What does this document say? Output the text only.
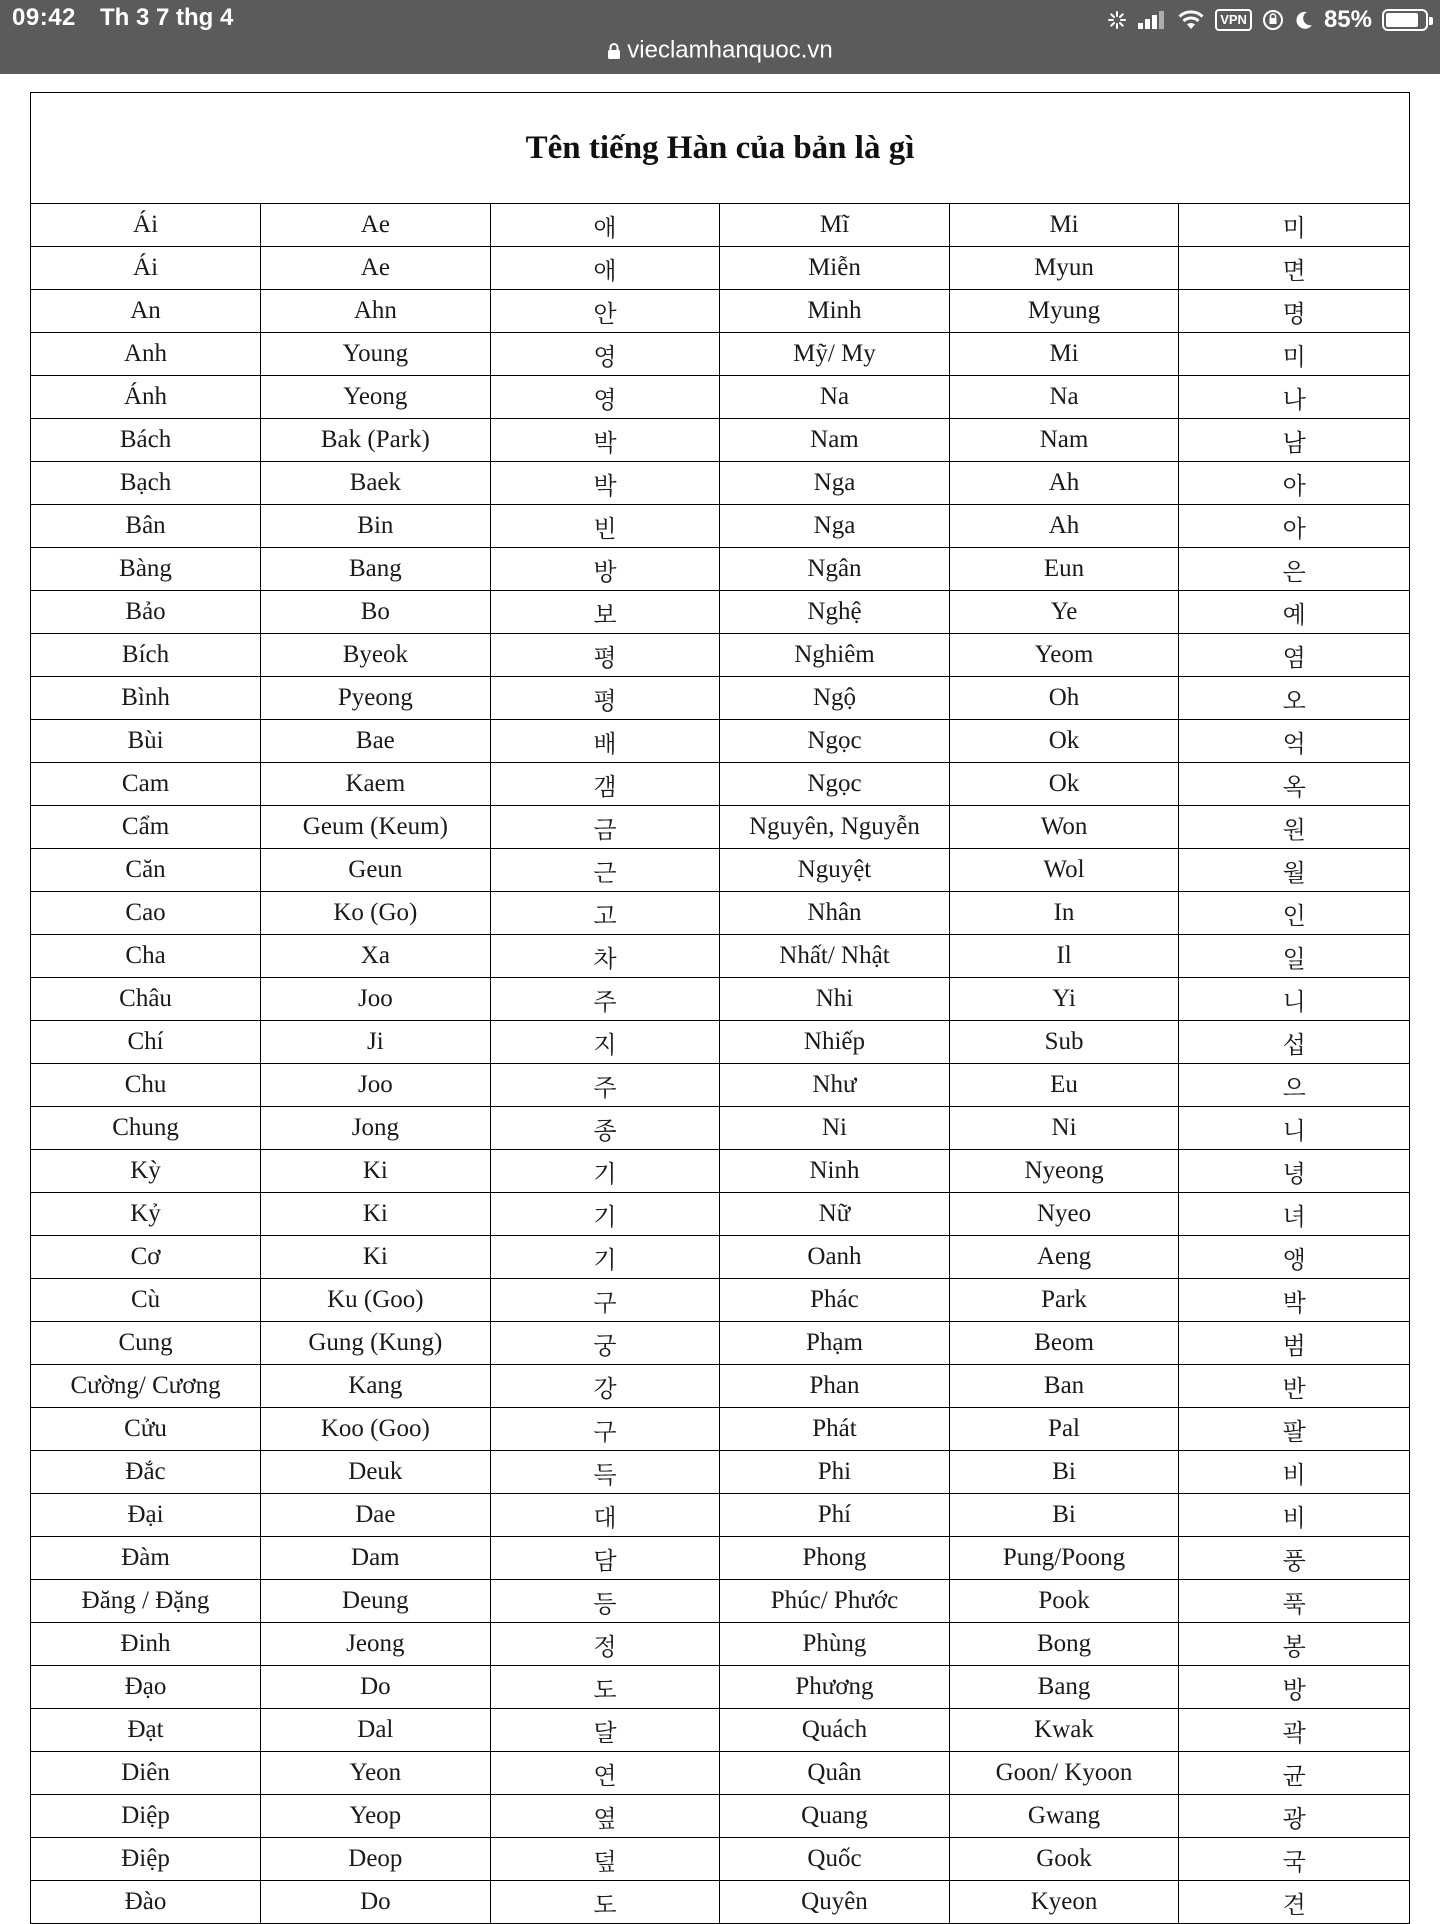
09:42 Th 3 7 thg 4	VPN	85%
vieclamhanquoc.vn
Tên tiếng Hàn của bản là gì
Ái	Ae	애	Mĩ	Mi	미
Ái	Ae	애	Miễn	Myun	면
An	Ahn	안	Minh	Myung	명
Anh	Young	영	Mỹ/ My	Mi	미
Ánh	Yeong	영	Na	Na	나
Bách	Bak (Park)	박	Nam	Nam	남
Bạch	Baek	박	Nga	Ah	아
Bân	Bin	빈	Nga	Ah	아
Bàng	Bang	방	Ngân	Eun	은
Bảo	Bo	보	Nghệ	Ye	예
Bích	Byeok	평	Nghiêm	Yeom	염
Bình	Pyeong	평	Ngộ	Oh	오
Bùi	Bae	배	Ngọc	Ok	억
Cam	Kaem	갬	Ngọc	Ok	옥
Cẩm	Geum (Keum)	금	Nguyên, Nguyễn	Won	원
Căn	Geun	근	Nguyệt	Wol	월
Cao	Ko (Go)	고	Nhân	In	인
Cha	Xa	차	Nhất/ Nhật	Il	일
Châu	Joo	주	Nhi	Yi	니
Chí	Ji	지	Nhiếp	Sub	섭
Chu	Joo	주	Như	Eu	으
Chung	Jong	종	Ni	Ni	니
Kỳ	Ki	기	Ninh	Nyeong	녕
Kỷ	Ki	기	Nữ	Nyeo	녀
Cơ	Ki	기	Oanh	Aeng	앵
Cù	Ku (Goo)	구	Phác	Park	박
Cung	Gung (Kung)	궁	Phạm	Beom	범
Cường/ Cương	Kang	강	Phan	Ban	반
Cửu	Koo (Goo)	구	Phát	Pal	팔
Đắc	Deuk	득	Phi	Bi	비
Đại	Dae	대	Phí	Bi	비
Đàm	Dam	담	Phong	Pung/Poong	풍
Đăng / Đặng	Deung	등	Phúc/ Phước	Pook	푹
Đinh	Jeong	정	Phùng	Bong	봉
Đạo	Do	도	Phương	Bang	방
Đạt	Dal	달	Quách	Kwak	곽
Diên	Yeon	연	Quân	Goon/ Kyoon	균
Diệp	Yeop	옆	Quang	Gwang	광
Điệp	Deop	덮	Quốc	Gook	국
Đào	Do	도	Quyên	Kyeon	견
